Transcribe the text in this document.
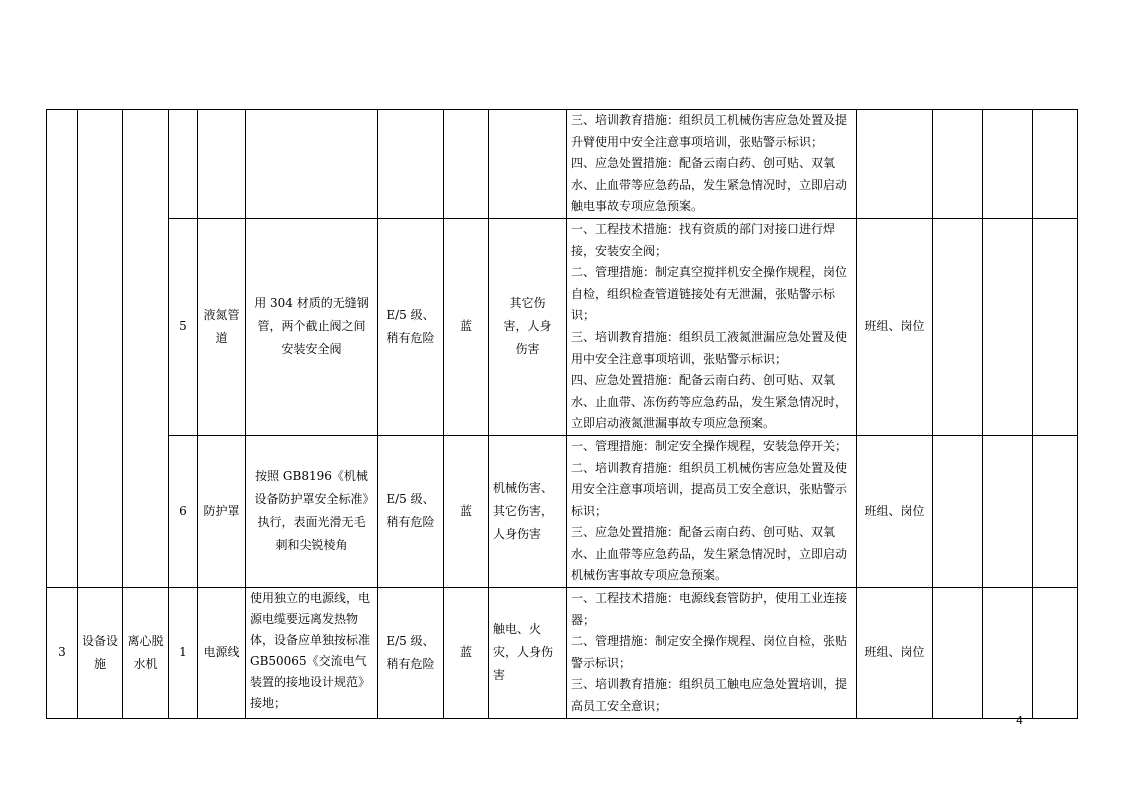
									三、培训教育措施：组织员工机械伤害应急处置及提升臂使用中安全注意事项培训，张贴警示标识；
四、应急处置措施：配备云南白药、创可贴、双氧水、止血带等应急药品，发生紧急情况时，立即启动触电事故专项应急预案。				

			5	液氮管道	用 304 材质的无缝钢管，两个截止阀之间安装安全阀	E/5 级、稍有危险	蓝	其它伤害，人身伤害	一、工程技术措施：找有资质的部门对接口进行焊接，安装安全阀；
二、管理措施：制定真空搅拌机安全操作规程，岗位自检，组织检查管道链接处有无泄漏，张贴警示标识；
三、培训教育措施：组织员工液氮泄漏应急处置及使用中安全注意事项培训，张贴警示标识；
四、应急处置措施：配备云南白药、创可贴、双氧水、止血带、冻伤药等应急药品，发生紧急情况时，立即启动液氮泄漏事故专项应急预案。	班组、岗位			
			6	防护罩	按照 GB8196《机械设备防护罩安全标准》执行，表面光滑无毛刺和尖锐棱角	E/5 级、稍有危险	蓝	机械伤害、其它伤害，人身伤害	一、管理措施：制定安全操作规程，安装急停开关；
二、培训教育措施：组织员工机械伤害应急处置及使用安全注意事项培训，提高员工安全意识，张贴警示标识；
三、应急处置措施：配备云南白药、创可贴、双氧水、止血带等应急药品，发生紧急情况时，立即启动机械伤害事故专项应急预案。	班组、岗位			
3	设备设施	离心脱水机	1	电源线	使用独立的电源线，电源电缆要远离发热物体，设备应单独按标准 GB50065《交流电气装置的接地设计规范》接地；	E/5 级、稍有危险	蓝	触电、火灾，人身伤害	一、工程技术措施：电源线套管防护，使用工业连接器；
二、管理措施：制定安全操作规程、岗位自检，张贴警示标识；
三、培训教育措施：组织员工触电应急处置培训，提高员工安全意识；	班组、岗位			
4
